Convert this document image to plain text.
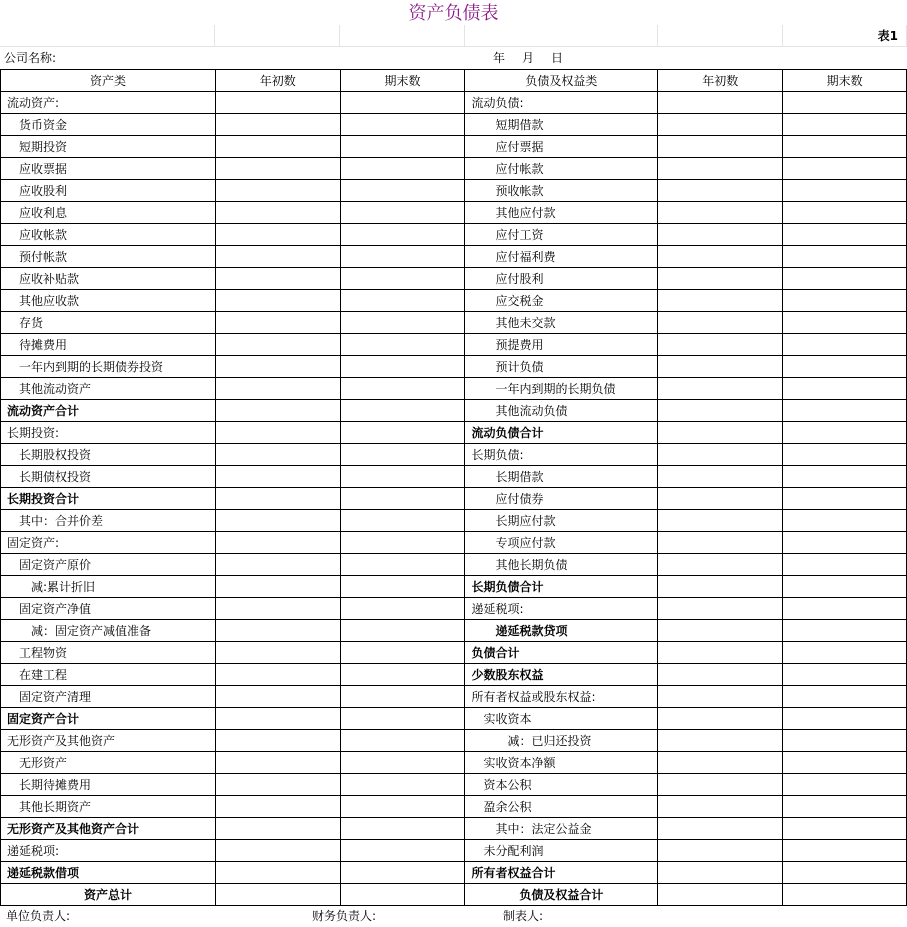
资产负债表
表1
公司名称:	年 月 日
资产类	年初数	期末数	负债及权益类	年初数	期末数
流动资产:			流动负债:		
货币资金			短期借款		
短期投资			应付票据		
应收票据			应付帐款		
应收股利			预收帐款		
应收利息			其他应付款		
应收帐款			应付工资		
预付帐款			应付福利费		
应收补贴款			应付股利		
其他应收款			应交税金		
存货			其他未交款		
待摊费用			预提费用		
一年内到期的长期债券投资			预计负债		
其他流动资产			一年内到期的长期负债		
流动资产合计			其他流动负债		
长期投资:			流动负债合计		
长期股权投资			长期负债:		
长期债权投资			长期借款		
长期投资合计			应付债券		
其中：合并价差			长期应付款		
固定资产:			专项应付款		
固定资产原价			其他长期负债		
减:累计折旧			长期负债合计		
固定资产净值			递延税项:		
减：固定资产减值准备			递延税款贷项		
工程物资			负债合计		
在建工程			少数股东权益		
固定资产清理			所有者权益或股东权益:		
固定资产合计			实收资本		
无形资产及其他资产			减：已归还投资		
无形资产			实收资本净额		
长期待摊费用			资本公积		
其他长期资产			盈余公积		
无形资产及其他资产合计			其中：法定公益金		
递延税项:			未分配利润		
递延税款借项			所有者权益合计		
资产总计			负债及权益合计		
单位负责人:	财务负责人:	制表人:
